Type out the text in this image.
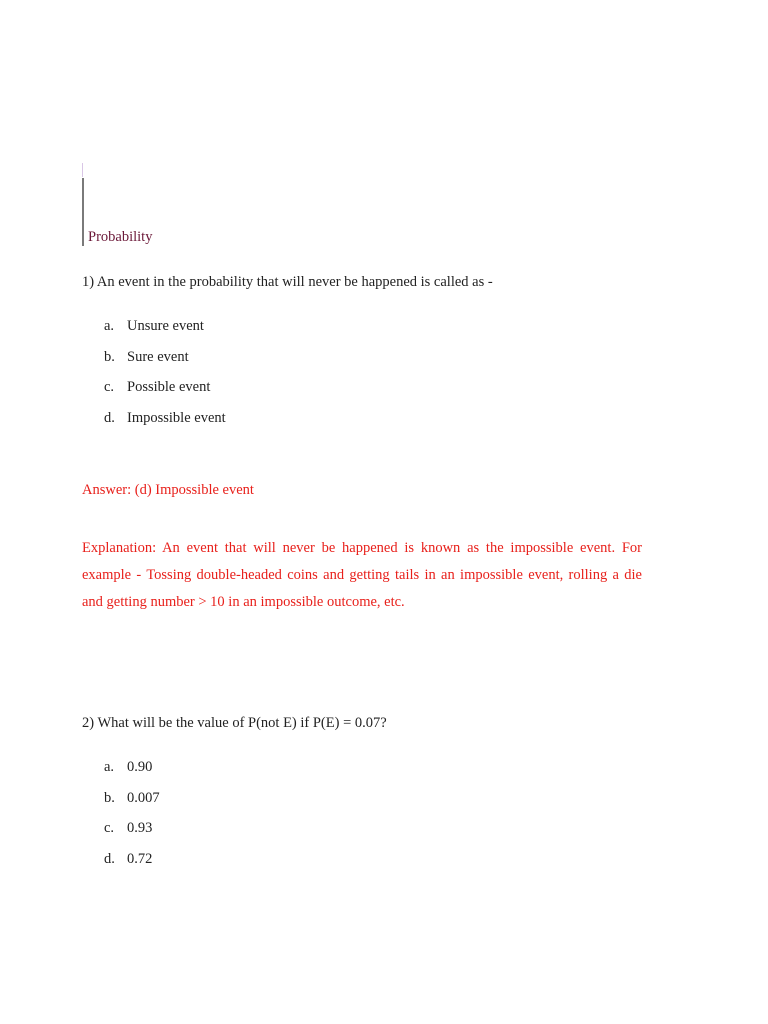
Probability
1) An event in the probability that will never be happened is called as -
a. Unsure event
b. Sure event
c. Possible event
d. Impossible event
Answer: (d) Impossible event

Explanation: An event that will never be happened is known as the impossible event. For example - Tossing double-headed coins and getting tails in an impossible event, rolling a die and getting number > 10 in an impossible outcome, etc.

2) What will be the value of P(not E) if P(E) = 0.07?
a. 0.90
b. 0.007
c. 0.93
d. 0.72
